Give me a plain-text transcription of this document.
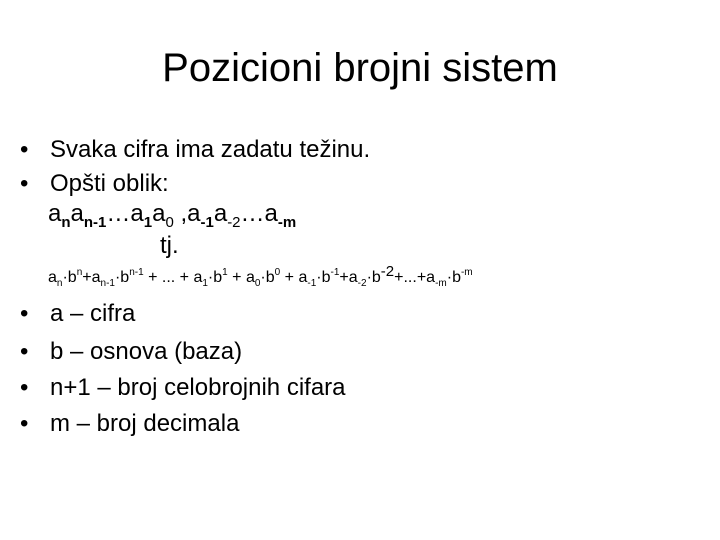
Pozicioni brojni sistem
• Svaka cifra ima zadatu težinu.
• Opšti oblik:
$a_na_{n-1}\dots a_1a_0$ $,a_{-1}a_{-2}\dots a_{-m}$
tj.
$a_n\cdot b^n+a_{n-1}\cdot b^{n-1}$ + ... + $a_1\cdot b^1 + a_0\cdot b^0 + a_{-1}\cdot b^{-1}+a_{-2}\cdot b^{-2}+...+a_{-m}\cdot b^{-m}$
• a – cifra
• b – osnova (baza)
• n+1 – broj celobrojnih cifara
• m – broj decimala
